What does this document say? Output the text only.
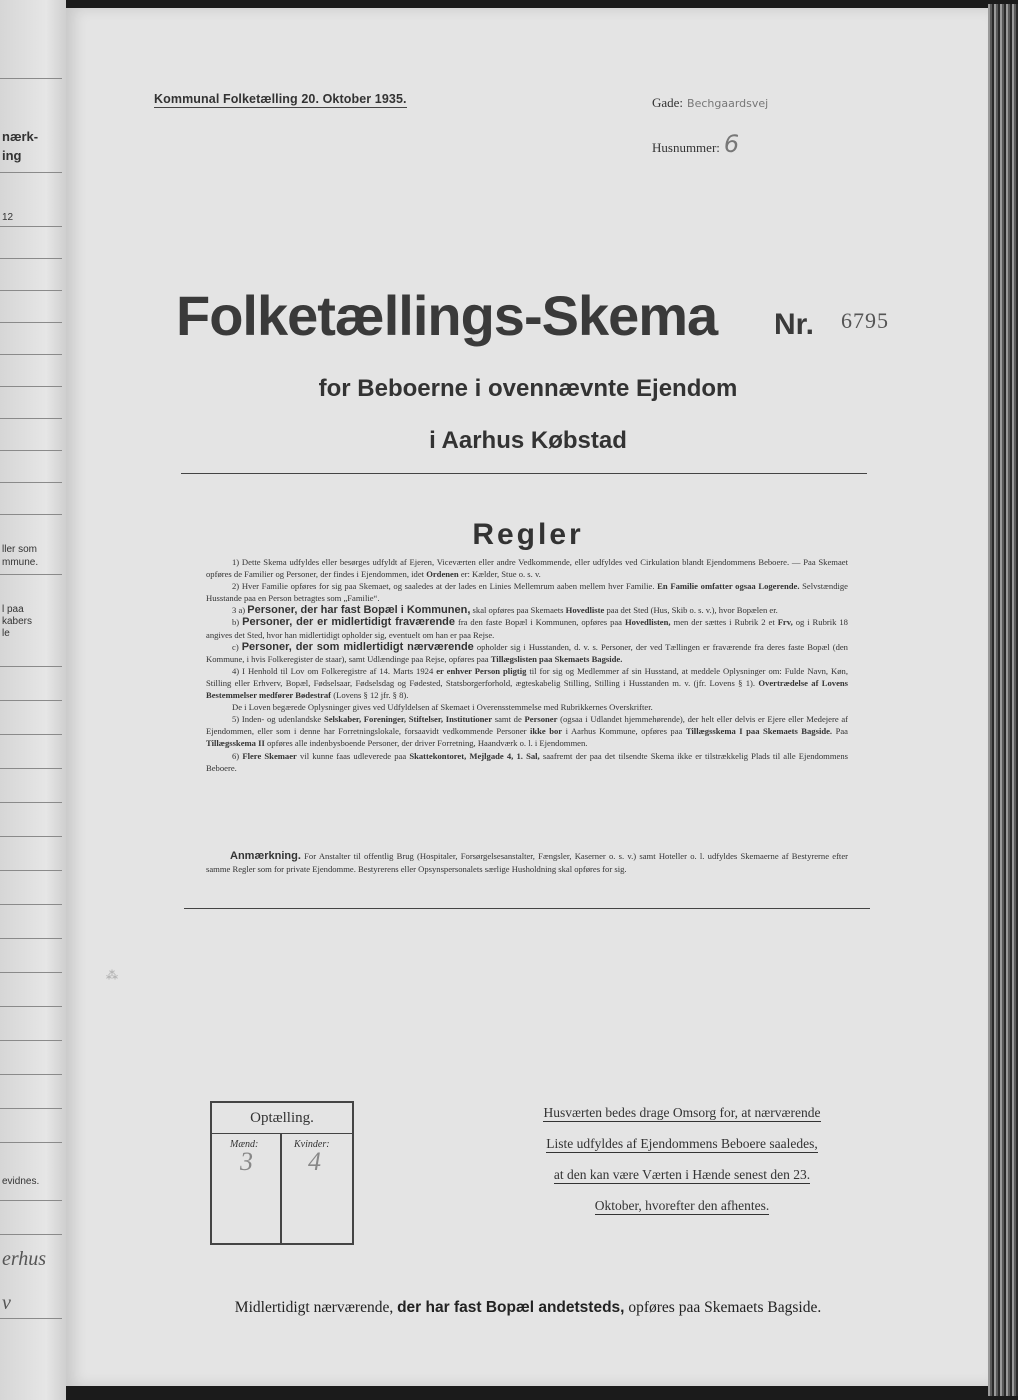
nærk-
ing
12
ller som
mmune.
l paa
kabers
le
evidnes.
erhus
v
Kommunal Folketælling 20. Oktober 1935.	Gade: Bechgaardsvej
Husnummer: 6
Folketællings-Skema Nr. 6795
for Beboerne i ovennævnte Ejendom
i Aarhus Købstad
Regler

1) Dette Skema udfyldes eller besørges udfyldt af Ejeren, Viceværten eller andre Vedkommende, eller udfyldes ved Cirkulation blandt Ejendommens Beboere. — Paa Skemaet opføres de Familier og Personer, der findes i Ejendommen, idet Ordenen er: Kælder, Stue o. s. v.

2) Hver Familie opføres for sig paa Skemaet, og saaledes at der lades en Linies Mellemrum aaben mellem hver Familie. En Familie omfatter ogsaa Logerende. Selvstændige Husstande paa en Person betragtes som „Familie“.

3 a) Personer, der har fast Bopæl i Kommunen, skal opføres paa Skemaets Hovedliste paa det Sted (Hus, Skib o. s. v.), hvor Bopælen er.

b) Personer, der er midlertidigt fraværende fra den faste Bopæl i Kommunen, opføres paa Hovedlisten, men der sættes i Rubrik 2 et Frv, og i Rubrik 18 angives det Sted, hvor han midlertidigt opholder sig, eventuelt om han er paa Rejse.

c) Personer, der som midlertidigt nærværende opholder sig i Husstanden, d. v. s. Personer, der ved Tællingen er fraværende fra deres faste Bopæl (den Kommune, i hvis Folkeregister de staar), samt Udlændinge paa Rejse, opføres paa Tillægslisten paa Skemaets Bagside.

4) I Henhold til Lov om Folkeregistre af 14. Marts 1924 er enhver Person pligtig til for sig og Medlemmer af sin Husstand, at meddele Oplysninger om: Fulde Navn, Køn, Stilling eller Erhverv, Bopæl, Fødselsaar, Fødselsdag og Fødested, Statsborgerforhold, ægteskabelig Stilling, Stilling i Husstanden m. v. (jfr. Lovens § 1). Overtrædelse af Lovens Bestemmelser medfører Bødestraf (Lovens § 12 jfr. § 8).

De i Loven begærede Oplysninger gives ved Udfyldelsen af Skemaet i Overensstemmelse med Rubrikkernes Overskrifter.

5) Inden- og udenlandske Selskaber, Foreninger, Stiftelser, Institutioner samt de Personer (ogsaa i Udlandet hjemmehørende), der helt eller delvis er Ejere eller Medejere af Ejendommen, eller som i denne har Forretningslokale, forsaavidt vedkommende Personer ikke bor i Aarhus Kommune, opføres paa Tillægsskema I paa Skemaets Bagside. Paa Tillægsskema II opføres alle indenbysboende Personer, der driver Forretning, Haandværk o. l. i Ejendommen.

6) Flere Skemaer vil kunne faas udleverede paa Skattekontoret, Mejlgade 4, 1. Sal, saafremt der paa det tilsendte Skema ikke er tilstrækkelig Plads til alle Ejendommens Beboere.

Anmærkning. For Anstalter til offentlig Brug (Hospitaler, Forsørgelsesanstalter, Fængsler, Kaserner o. s. v.) samt Hoteller o. l. udfyldes Skemaerne af Bestyrerne efter samme Regler som for private Ejendomme. Bestyrerens eller Opsynspersonalets særlige Husholdning skal opføres for sig.

⁂
Optælling.
Mænd:
3
Kvinder:
4
Husværten bedes drage Omsorg for, at nærværende
Liste udfyldes af Ejendommens Beboere saaledes,
at den kan være Værten i Hænde senest den 23.
Oktober, hvorefter den afhentes.
Midlertidigt nærværende, der har fast Bopæl andetsteds, opføres paa Skemaets Bagside.
